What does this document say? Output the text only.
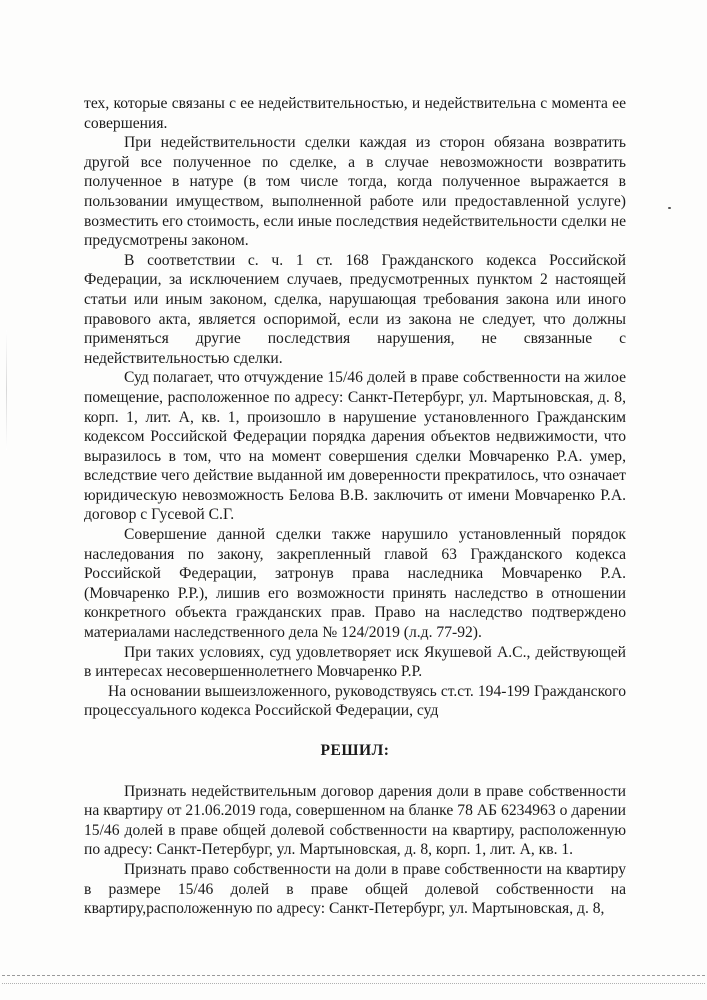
тех, которые связаны с ее недействительностью, и недействительна с момента ее совершения.

При недействительности сделки каждая из сторон обязана возвратить другой все полученное по сделке, а в случае невозможности возвратить полученное в натуре (в том числе тогда, когда полученное выражается в пользовании имуществом, выполненной работе или предоставленной услуге) возместить его стоимость, если иные последствия недействительности сделки не предусмотрены законом.

В соответствии с. ч. 1 ст. 168 Гражданского кодекса Российской Федерации, за исключением случаев, предусмотренных пунктом 2 настоящей статьи или иным законом, сделка, нарушающая требования закона или иного правового акта, является оспоримой, если из закона не следует, что должны применяться другие последствия нарушения, не связанные с недействительностью сделки.

Суд полагает, что отчуждение 15/46 долей в праве собственности на жилое помещение, расположенное по адресу: Санкт-Петербург, ул. Мартыновская, д. 8, корп. 1, лит. А, кв. 1, произошло в нарушение установленного Гражданским кодексом Российской Федерации порядка дарения объектов недвижимости, что выразилось в том, что на момент совершения сделки Мовчаренко Р.А. умер, вследствие чего действие выданной им доверенности прекратилось, что означает юридическую невозможность Белова В.В. заключить от имени Мовчаренко Р.А. договор с Гусевой С.Г.

Совершение данной сделки также нарушило установленный порядок наследования по закону, закрепленный главой 63 Гражданского кодекса Российской Федерации, затронув права наследника Мовчаренко Р.А. (Мовчаренко Р.Р.), лишив его возможности принять наследство в отношении конкретного объекта гражданских прав. Право на наследство подтверждено материалами наследственного дела № 124/2019 (л.д. 77-92).

При таких условиях, суд удовлетворяет иск Якушевой А.С., действующей в интересах несовершеннолетнего Мовчаренко Р.Р.

На основании вышеизложенного, руководствуясь ст.ст. 194-199 Гражданского процессуального кодекса Российской Федерации, суд

РЕШИЛ:

Признать недействительным договор дарения доли в праве собственности на квартиру от 21.06.2019 года, совершенном на бланке 78 АБ 6234963 о дарении 15/46 долей в праве общей долевой собственности на квартиру, расположенную по адресу: Санкт-Петербург, ул. Мартыновская, д. 8, корп. 1, лит. А, кв. 1.

Признать право собственности на доли в праве собственности на квартиру в размере 15/46 долей в праве общей долевой собственности на квартиру,расположенную по адресу: Санкт-Петербург, ул. Мартыновская, д. 8,
